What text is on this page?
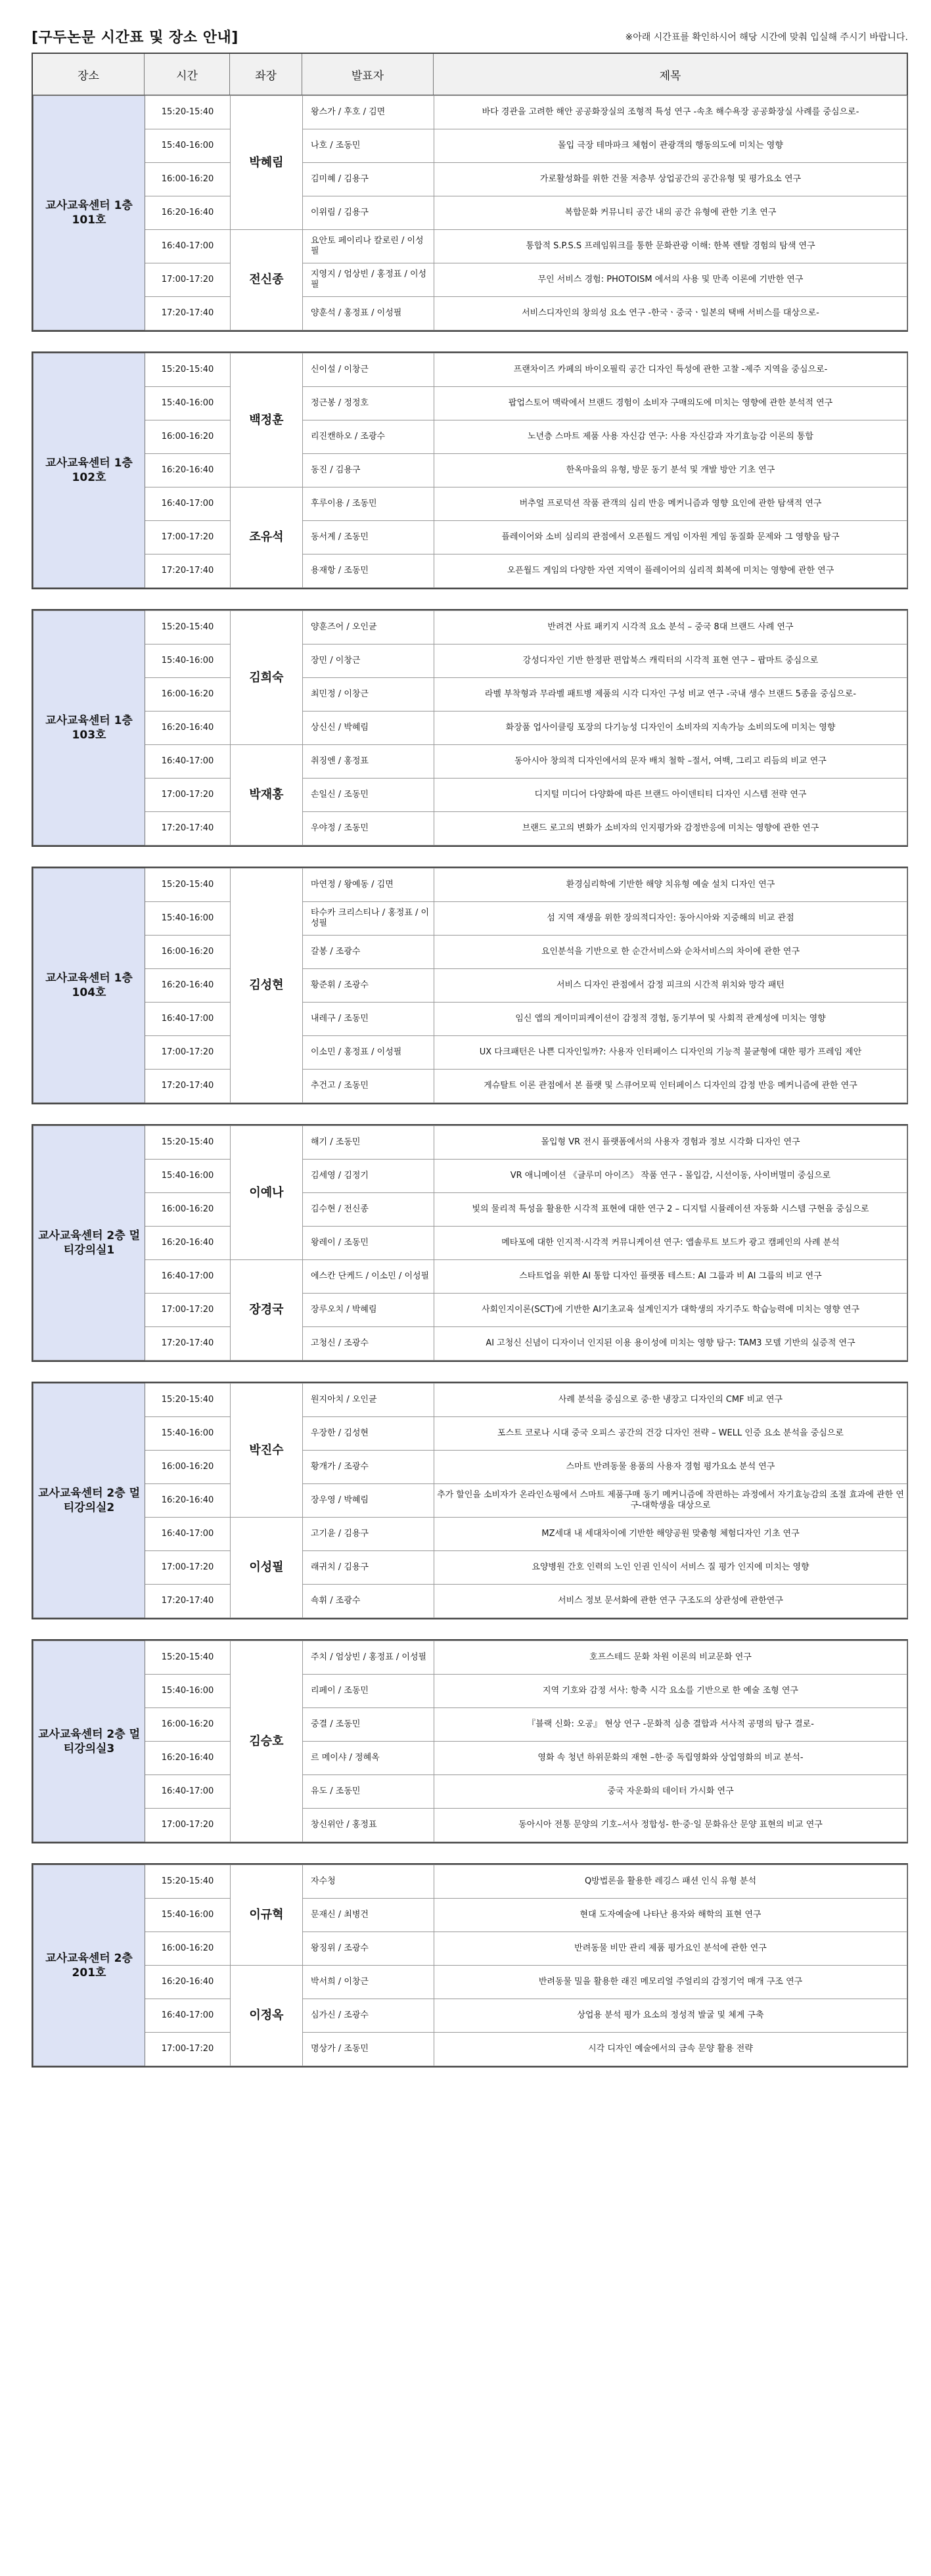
[구두논문 시간표 및 장소 안내]	※아래 시간표를 확인하시어 해당 시간에 맞춰 입실해 주시기 바랍니다.
장소	시간	좌장	발표자	제목
교사교육센터 1층 101호	15:20-15:40	박혜림	왕스가 / 후호 / 김면	바다 경관을 고려한 해안 공공화장실의 조형적 특성 연구 -속초 해수욕장 공공화장실 사례를 중심으로-
	15:40-16:00		나호 / 조동민	몰입 극장 테마파크 체험이 관광객의 행동의도에 미치는 영향
	16:00-16:20		김미혜 / 김용구	가로활성화를 위한 건물 저층부 상업공간의 공간유형 및 평가요소 연구
	16:20-16:40		이위림 / 김용구	복합문화 커뮤니티 공간 내의 공간 유형에 관한 기초 연구
	16:40-17:00	전신종	요안토 페이리나 칼로린 / 이성필	통합적 S.P.S.S 프레임워크를 통한 문화관광 이해: 한복 렌탈 경험의 탐색 연구
	17:00-17:20		지영지 / 엄상빈 / 홍정표 / 이성필	무인 서비스 경험: PHOTOISM 에서의 사용 및 만족 이론에 기반한 연구
	17:20-17:40		양훈석 / 홍정표 / 이성필	서비스디자인의 창의성 요소 연구 -한국ㆍ중국ㆍ일본의 택배 서비스를 대상으로-
교사교육센터 1층 102호	15:20-15:40	백정훈	신이설 / 이창근	프랜차이즈 카페의 바이오필릭 공간 디자인 특성에 관한 고찰 -제주 지역을 중심으로-
	15:40-16:00		정근봉 / 정정호	팝업스토어 맥락에서 브랜드 경험이 소비자 구매의도에 미치는 영향에 관한 분석적 연구
	16:00-16:20		리진캔하오 / 조광수	노년층 스마트 제품 사용 자신감 연구: 사용 자신감과 자기효능감 이론의 통합
	16:20-16:40		동진 / 김용구	한옥마을의 유형, 방문 동기 분석 및 개발 방안 기초 연구
	16:40-17:00	조유석	후루이용 / 조동민	버추얼 프로덕션 작품 관객의 심리 반응 메커니즘과 영향 요인에 관한 탐색적 연구
	17:00-17:20		동서계 / 조동민	플레이어와 소비 심리의 관점에서 오픈월드 게임 이자원 게임 동질화 문제와 그 영향을 탐구
	17:20-17:40		용재항 / 조동민	오픈월드 게임의 다양한 자연 지역이 플레이어의 심리적 회복에 미치는 영향에 관한 연구
교사교육센터 1층 103호	15:20-15:40	김희숙	양훈즈어 / 오인균	반려견 사료 패키지 시각적 요소 분석 – 중국 8대 브랜드 사례 연구
	15:40-16:00		장민 / 이창근	강성디자인 기반 한정판 편압북스 캐릭터의 시각적 표현 연구 – 팝마트 중심으로
	16:00-16:20		최민정 / 이창근	라벨 부착형과 무라벨 패트병 제품의 시각 디자인 구성 비교 연구 -국내 생수 브랜드 5종을 중심으로-
	16:20-16:40		상신신 / 박혜림	화장품 업사이클링 포장의 다기능성 디자인이 소비자의 지속가능 소비의도에 미치는 영향
	16:40-17:00	박재홍	취징엔 / 홍정표	동아시아 창의적 디자인에서의 문자 배치 철학 –절서, 여백, 그리고 리듬의 비교 연구
	17:00-17:20		손일신 / 조동민	디지털 미디어 다양화에 따른 브랜드 아이덴티티 디자인 시스템 전략 연구
	17:20-17:40		우야정 / 조동민	브랜드 로고의 변화가 소비자의 인지평가와 감정반응에 미치는 영향에 관한 연구
교사교육센터 1층 104호	15:20-15:40	김성현	마연정 / 왕예동 / 김면	환경심리학에 기반한 해양 치유형 예술 설치 디자인 연구
	15:40-16:00		타수카 크리스티나 / 홍정표 / 이성필	섬 지역 재생을 위한 장의적디자인: 동아시아와 지중해의 비교 관점
	16:00-16:20		갈봉 / 조광수	요인분석을 기반으로 한 순간서비스와 순차서비스의 차이에 관한 연구
	16:20-16:40		황준휘 / 조광수	서비스 디자인 관점에서 감정 피크의 시간적 위치와 망각 패턴
	16:40-17:00		내레구 / 조동민	임신 앱의 게이미피케이션이 감정적 경험, 동기부여 및 사회적 관계성에 미치는 영향
	17:00-17:20		이소민 / 홍정표 / 이성필	UX 다크패턴은 나쁜 디자인일까?: 사용자 인터페이스 디자인의 기능적 불균형에 대한 평가 프레임 제안
	17:20-17:40		추건고 / 조동민	게슈탈트 이론 관점에서 본 플랫 및 스큐어모픽 인터페이스 디자인의 감정 반응 메커니즘에 관한 연구
교사교육센터 2층 멀티강의실1	15:20-15:40	이예나	해기 / 조동민	몰입형 VR 전시 플랫폼에서의 사용자 경험과 정보 시각화 디자인 연구
	15:40-16:00		김세영 / 김정기	VR 애니메이션 《글루미 아이즈》 작품 연구 - 몰입감, 시선이동, 사이버멀미 중심으로
	16:00-16:20		김수현 / 전신종	빛의 물리적 특성을 활용한 시각적 표현에 대한 연구 2 – 디지털 시뮬레이션 자동화 시스템 구현을 중심으로
	16:20-16:40		왕레이 / 조동민	메타포에 대한 인지적·시각적 커뮤니케이션 연구: 앱솔루트 보드카 광고 캠페인의 사례 분석
	16:40-17:00	장경국	에스칸 단케드 / 이소민 / 이성필	스타트업을 위한 AI 통합 디자인 플랫폼 테스트: AI 그룹과 비 AI 그룹의 비교 연구
	17:00-17:20		장루오치 / 박혜림	사회인지이론(SCT)에 기반한 AI기초교육 설계인지가 대학생의 자기주도 학습능력에 미치는 영향 연구
	17:20-17:40		고청신 / 조광수	AI 고청신 신념이 디자이너 인지된 이용 용이성에 미치는 영향 탐구: TAM3 모델 기반의 실증적 연구
교사교육센터 2층 멀티강의실2	15:20-15:40	박진수	원지아치 / 오인균	사례 분석을 중심으로 중·한 냉장고 디자인의 CMF 비교 연구
	15:40-16:00		우장한 / 김성현	포스트 코로나 시대 중국 오피스 공간의 건강 디자인 전략 – WELL 인증 요소 분석을 중심으로
	16:00-16:20		황개가 / 조광수	스마트 반려동물 용품의 사용자 경험 평가요소 분석 연구
	16:20-16:40		장우영 / 박혜림	추가 할인을 소비자가 온라인쇼핑에서 스마트 제품구매 동기 메커니즘에 작편하는 과정에서 자기효능감의 조절 효과에 관한 연구-대학생을 대상으로
	16:40-17:00	이성필	고기윤 / 김용구	MZ세대 내 세대차이에 기반한 해양공원 맞춤형 체험디자인 기초 연구
	17:00-17:20		래귀치 / 김용구	요양병원 간호 인력의 노인 인권 인식이 서비스 질 평가 인지에 미치는 영향
	17:20-17:40		쇽휘 / 조광수	서비스 정보 문서화에 관한 연구 구조도의 상관성에 관한연구
교사교육센터 2층 멀티강의실3	15:20-15:40	김승호	주치 / 엄상빈 / 홍정표 / 이성필	호프스테드 문화 차원 이론의 비교문화 연구
	15:40-16:00		리페이 / 조동민	지역 기호와 감정 서사: 항축 시각 요소를 기반으로 한 예술 조형 연구
	16:00-16:20		중결 / 조동민	『블랙 신화: 오공』 현상 연구 -문화적 심층 결합과 서사적 공명의 탐구 결로-
	16:20-16:40		르 메이샤 / 정혜옥	영화 속 청년 하위문화의 재현 –한·중 독립영화와 상업영화의 비교 분석-
	16:40-17:00		유도 / 조동민	중국 자운화의 데이터 가시화 연구
	17:00-17:20		창신위안 / 홍정표	동아시아 전통 문양의 기호–서사 정합성- 한·중·일 문화유산 문양 표현의 비교 연구
교사교육센터 2층 201호	15:20-15:40	이규혁	자수청	Q방법론을 활용한 레깅스 패션 인식 유형 분석
	15:40-16:00		문재신 / 최병건	현대 도자예술에 나타난 용자와 해학의 표현 연구
	16:00-16:20		왕징위 / 조광수	반려동물 비만 관리 제품 평가요인 분석에 관한 연구
	16:20-16:40	이정옥	박서희 / 이창근	반려동물 밀을 활용한 래진 메모리얼 주얼리의 감정기억 매개 구조 연구
	16:40-17:00		심가신 / 조광수	상업용 분석 평가 요소의 정성적 발굴 및 체계 구축
	17:00-17:20		명상가 / 조동민	시각 디자인 예술에서의 금속 문양 활용 전략
